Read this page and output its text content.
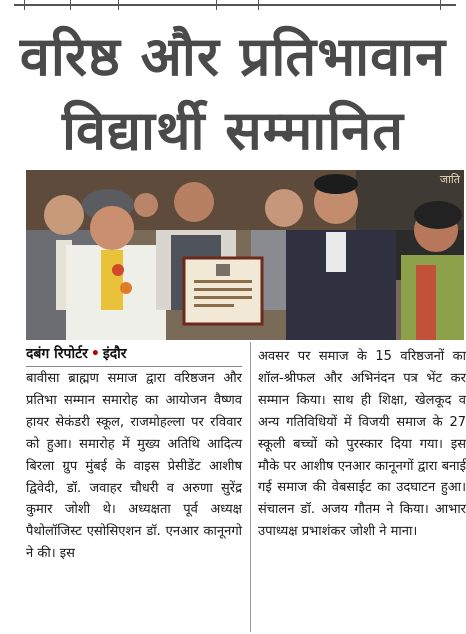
वरिष्ठ और प्रतिभावान
विद्यार्थी सम्मानित
जाति
दबंग रिपोर्टर • इंदौर
बावीसा ब्राह्मण समाज द्वारा वरिष्ठजन और प्रतिभा सम्मान समारोह का आयोजन वैष्णव हायर सेकंडरी स्कूल, राजमोहल्ला पर रविवार को हुआ। समारोह में मुख्य अतिथि आदित्य बिरला ग्रुप मुंबई के वाइस प्रेसीडेंट आशीष द्विवेदी, डॉ. जवाहर चौधरी व अरुणा सुरेंद्र कुमार जोशी थे। अध्यक्षता पूर्व अध्यक्ष पैथोलॉजिस्ट एसोसिएशन डॉ. एनआर कानूनगो ने की। इस
अवसर पर समाज के 15 वरिष्ठजनों का शॉल-श्रीफल और अभिनंदन पत्र भेंट कर सम्मान किया। साथ ही शिक्षा, खेलकूद व अन्य गतिविधियों में विजयी समाज के 27 स्कूली बच्चों को पुरस्कार दिया गया। इस मौके पर आशीष एनआर कानूनगों द्वारा बनाई गई समाज की वेबसाईट का उदघाटन हुआ। संचालन डॉ. अजय गौतम ने किया। आभार उपाध्यक्ष प्रभाशंकर जोशी ने माना।
